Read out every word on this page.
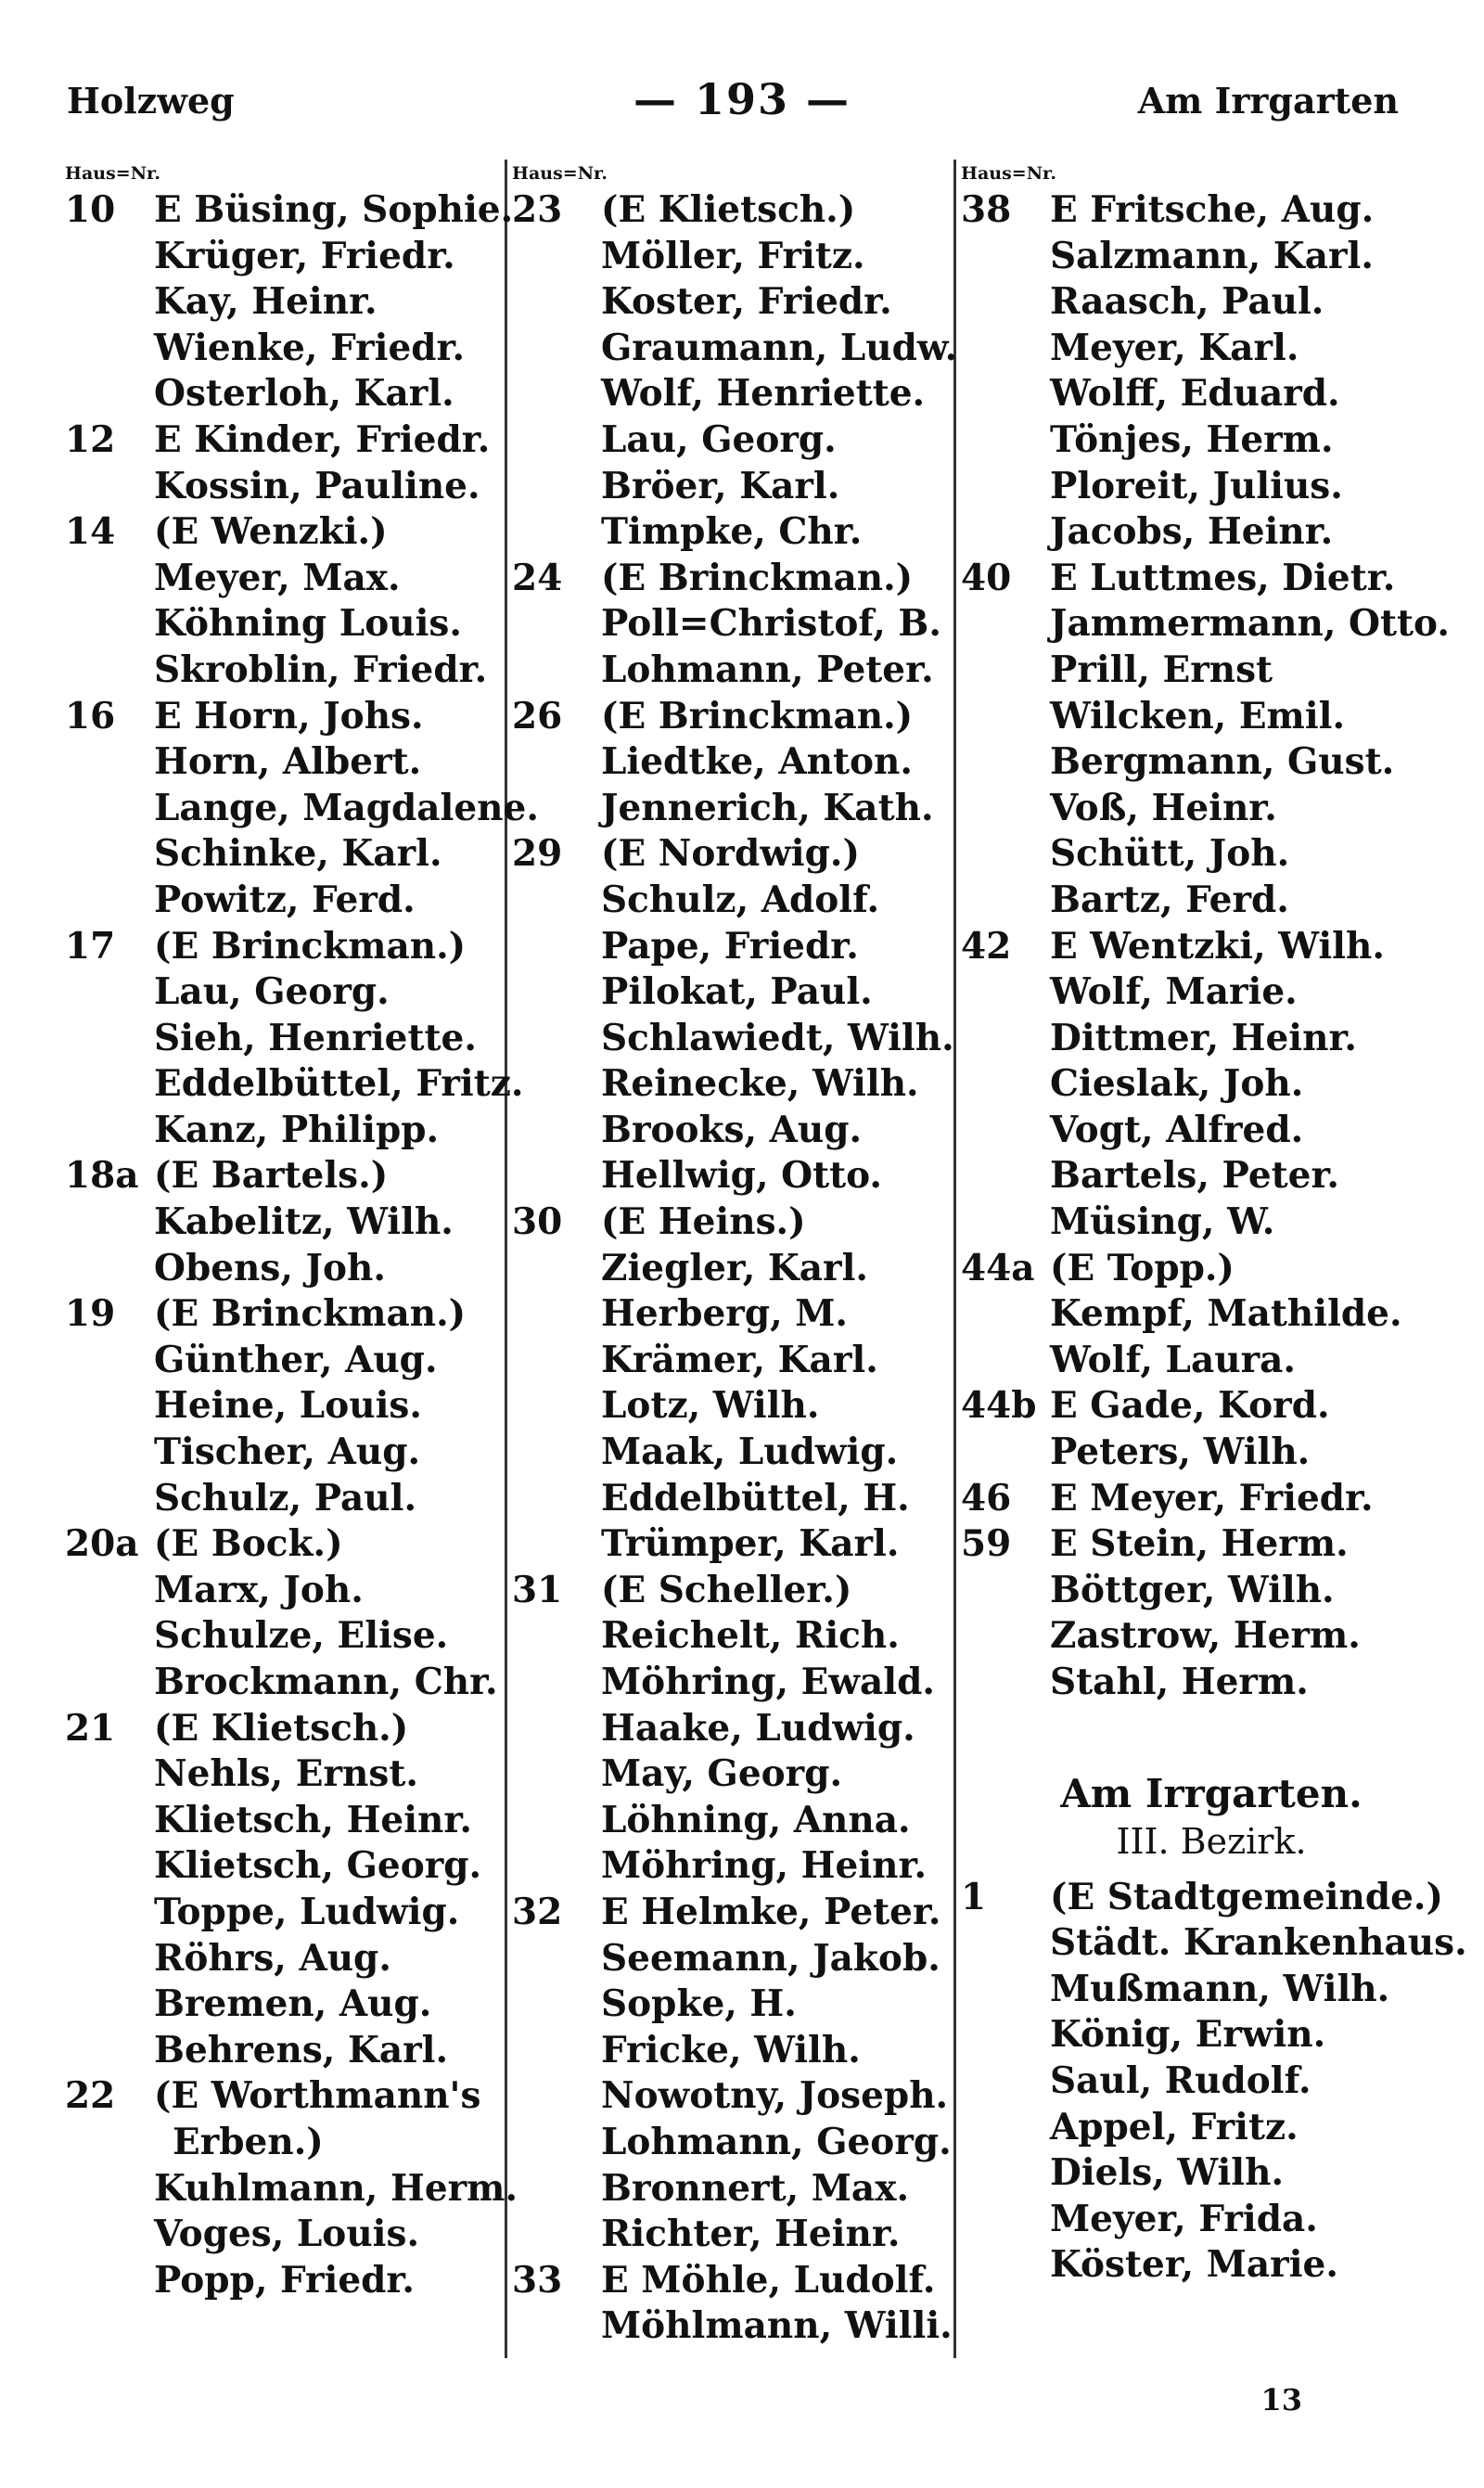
Holzweg	— 193 —	Am Irrgarten
Haus=Nr.
10	E Büsing, Sophie.
Krüger, Friedr.
Kay, Heinr.
Wienke, Friedr.
Osterloh, Karl.
12	E Kinder, Friedr.
Kossin, Pauline.
14	(E Wenzki.)
Meyer, Max.
Köhning Louis.
Skroblin, Friedr.
16	E Horn, Johs.
Horn, Albert.
Lange, Magdalene.
Schinke, Karl.
Powitz, Ferd.
17	(E Brinckman.)
Lau, Georg.
Sieh, Henriette.
Eddelbüttel, Fritz.
Kanz, Philipp.
18a (E Bartels.)
Kabelitz, Wilh.
Obens, Joh.
19	(E Brinckman.)
Günther, Aug.
Heine, Louis.
Tischer, Aug.
Schulz, Paul.
20a (E Bock.)
Marx, Joh.
Schulze, Elise.
Brockmann, Chr.
21	(E Klietsch.)
Nehls, Ernst.
Klietsch, Heinr.
Klietsch, Georg.
Toppe, Ludwig.
Röhrs, Aug.
Bremen, Aug.
Behrens, Karl.
22	(E Worthmann's
Erben.)
Kuhlmann, Herm.
Voges, Louis.
Popp, Friedr.
Haus=Nr.
23	(E Klietsch.)
Möller, Fritz.
Koster, Friedr.
Graumann, Ludw.
Wolf, Henriette.
Lau, Georg.
Bröer, Karl.
Timpke, Chr.
24	(E Brinckman.)
Poll=Christof, B.
Lohmann, Peter.
26	(E Brinckman.)
Liedtke, Anton.
Jennerich, Kath.
29	(E Nordwig.)
Schulz, Adolf.
Pape, Friedr.
Pilokat, Paul.
Schlawiedt, Wilh.
Reinecke, Wilh.
Brooks, Aug.
Hellwig, Otto.
30	(E Heins.)
Ziegler, Karl.
Herberg, M.
Krämer, Karl.
Lotz, Wilh.
Maak, Ludwig.
Eddelbüttel, H.
Trümper, Karl.
31	(E Scheller.)
Reichelt, Rich.
Möhring, Ewald.
Haake, Ludwig.
May, Georg.
Löhning, Anna.
Möhring, Heinr.
32	E Helmke, Peter.
Seemann, Jakob.
Sopke, H.
Fricke, Wilh.
Nowotny, Joseph.
Lohmann, Georg.
Bronnert, Max.
Richter, Heinr.
33	E Möhle, Ludolf.
Möhlmann, Willi.
Haus=Nr.
38	E Fritsche, Aug.
Salzmann, Karl.
Raasch, Paul.
Meyer, Karl.
Wolff, Eduard.
Tönjes, Herm.
Ploreit, Julius.
Jacobs, Heinr.
40	E Luttmes, Dietr.
Jammermann, Otto.
Prill, Ernst
Wilcken, Emil.
Bergmann, Gust.
Voß, Heinr.
Schütt, Joh.
Bartz, Ferd.
42	E Wentzki, Wilh.
Wolf, Marie.
Dittmer, Heinr.
Cieslak, Joh.
Vogt, Alfred.
Bartels, Peter.
Müsing, W.
44a (E Topp.)
Kempf, Mathilde.
Wolf, Laura.
44b E Gade, Kord.
Peters, Wilh.
46	E Meyer, Friedr.
59	E Stein, Herm.
Böttger, Wilh.
Zastrow, Herm.
Stahl, Herm.
Am Irrgarten.
III. Bezirk.
1	(E Stadtgemeinde.)
Städt. Krankenhaus.
Mußmann, Wilh.
König, Erwin.
Saul, Rudolf.
Appel, Fritz.
Diels, Wilh.
Meyer, Frida.
Köster, Marie.
13
